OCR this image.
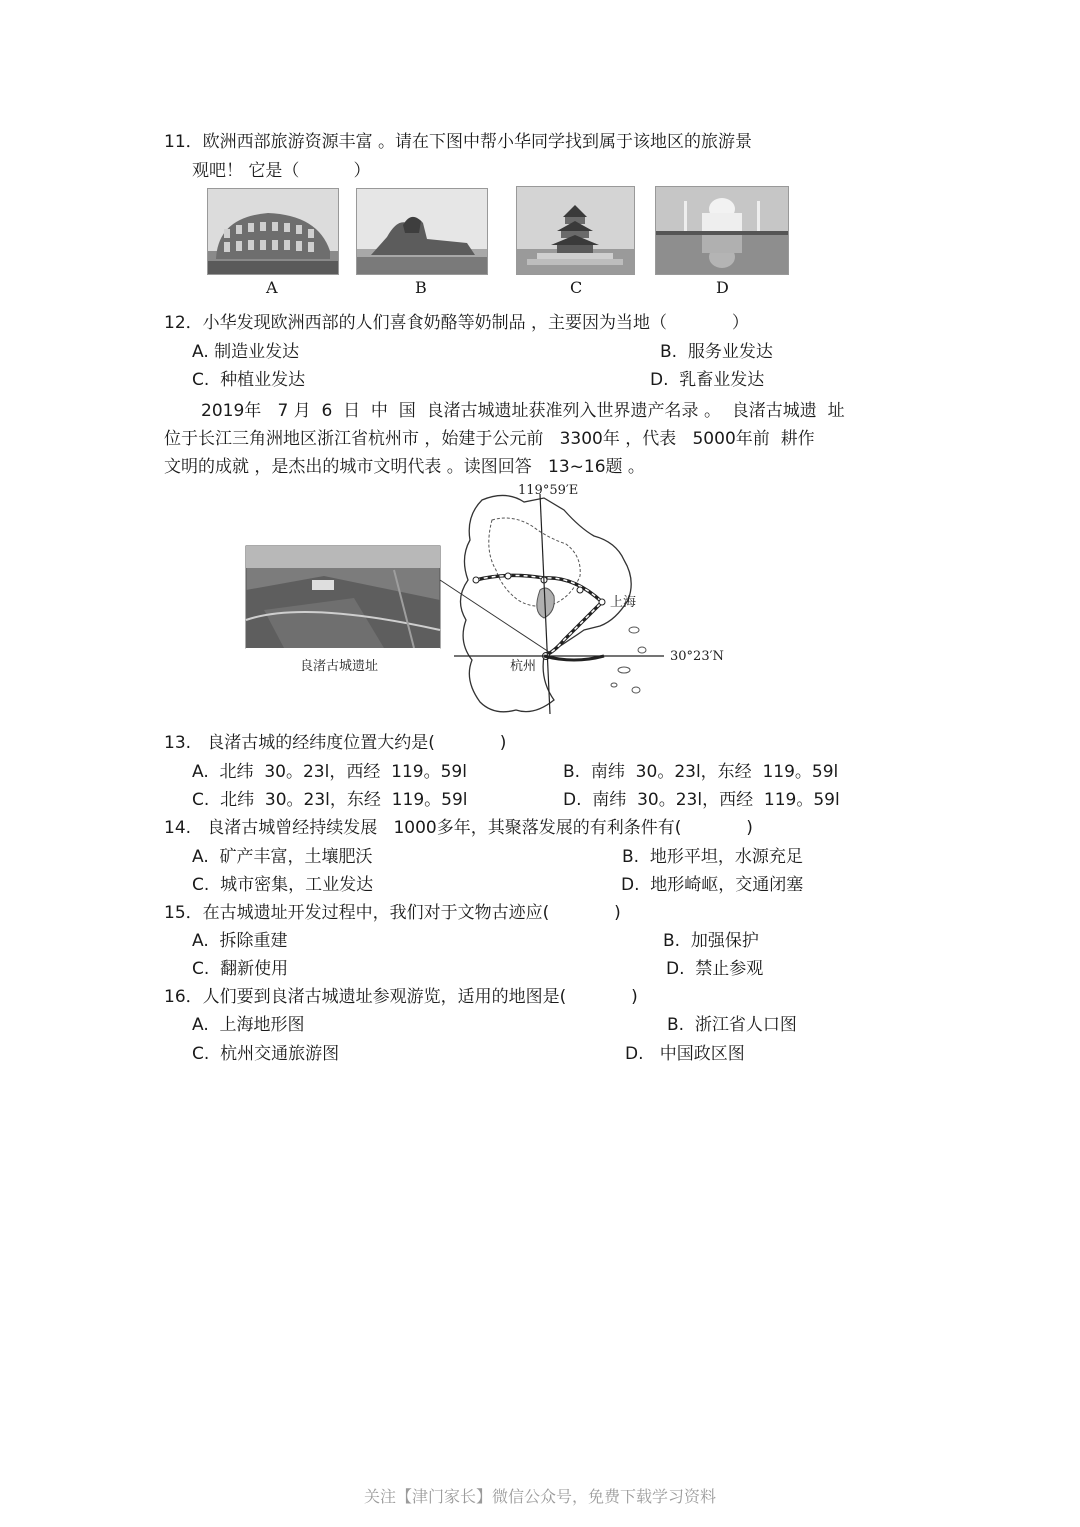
11．欧洲西部旅游资源丰富 。请在下图中帮小华同学找到属于该地区的旅游景
观吧！ 它是（          ）
A	B	C	D
12．小华发现欧洲西部的人们喜食奶酪等奶制品 ，主要因为当地（            ）
A. 制造业发达	B.  服务业发达
C.  种植业发达	D.  乳畜业发达
2019年   7 月  6  日  中  国  良渚古城遗址获准列入世界遗产名录 。  良渚古城遗  址
位于长江三角洲地区浙江省杭州市 ，始建于公元前   3300年 ，代表   5000年前  耕作
文明的成就 ，是杰出的城市文明代表 。读图回答   13~16题 。
良渚古城遗址
119°59′E
30°23′N
上海
杭州
13.   良渚古城的经纬度位置大约是(            )
A.  北纬  30。23l，西经  119。59l	B.  南纬  30。23l，东经  119。59l
C.  北纬  30。23l，东经  119。59l	D.  南纬  30。23l，西经  119。59l
14.   良渚古城曾经持续发展   1000多年，其聚落发展的有利条件有(            )
A.  矿产丰富，土壤肥沃	B.  地形平坦，水源充足
C.  城市密集，工业发达	D.  地形崎岖，交通闭塞
15．在古城遗址开发过程中，我们对于文物古迹应(            )
A.  拆除重建	B.  加强保护
C.  翻新使用	D.  禁止参观
16．人们要到良渚古城遗址参观游览，适用的地图是(            )
A.  上海地形图	B.  浙江省人口图
C.  杭州交通旅游图	D.   中国政区图
关注【津门家长】微信公众号，免费下载学习资料
